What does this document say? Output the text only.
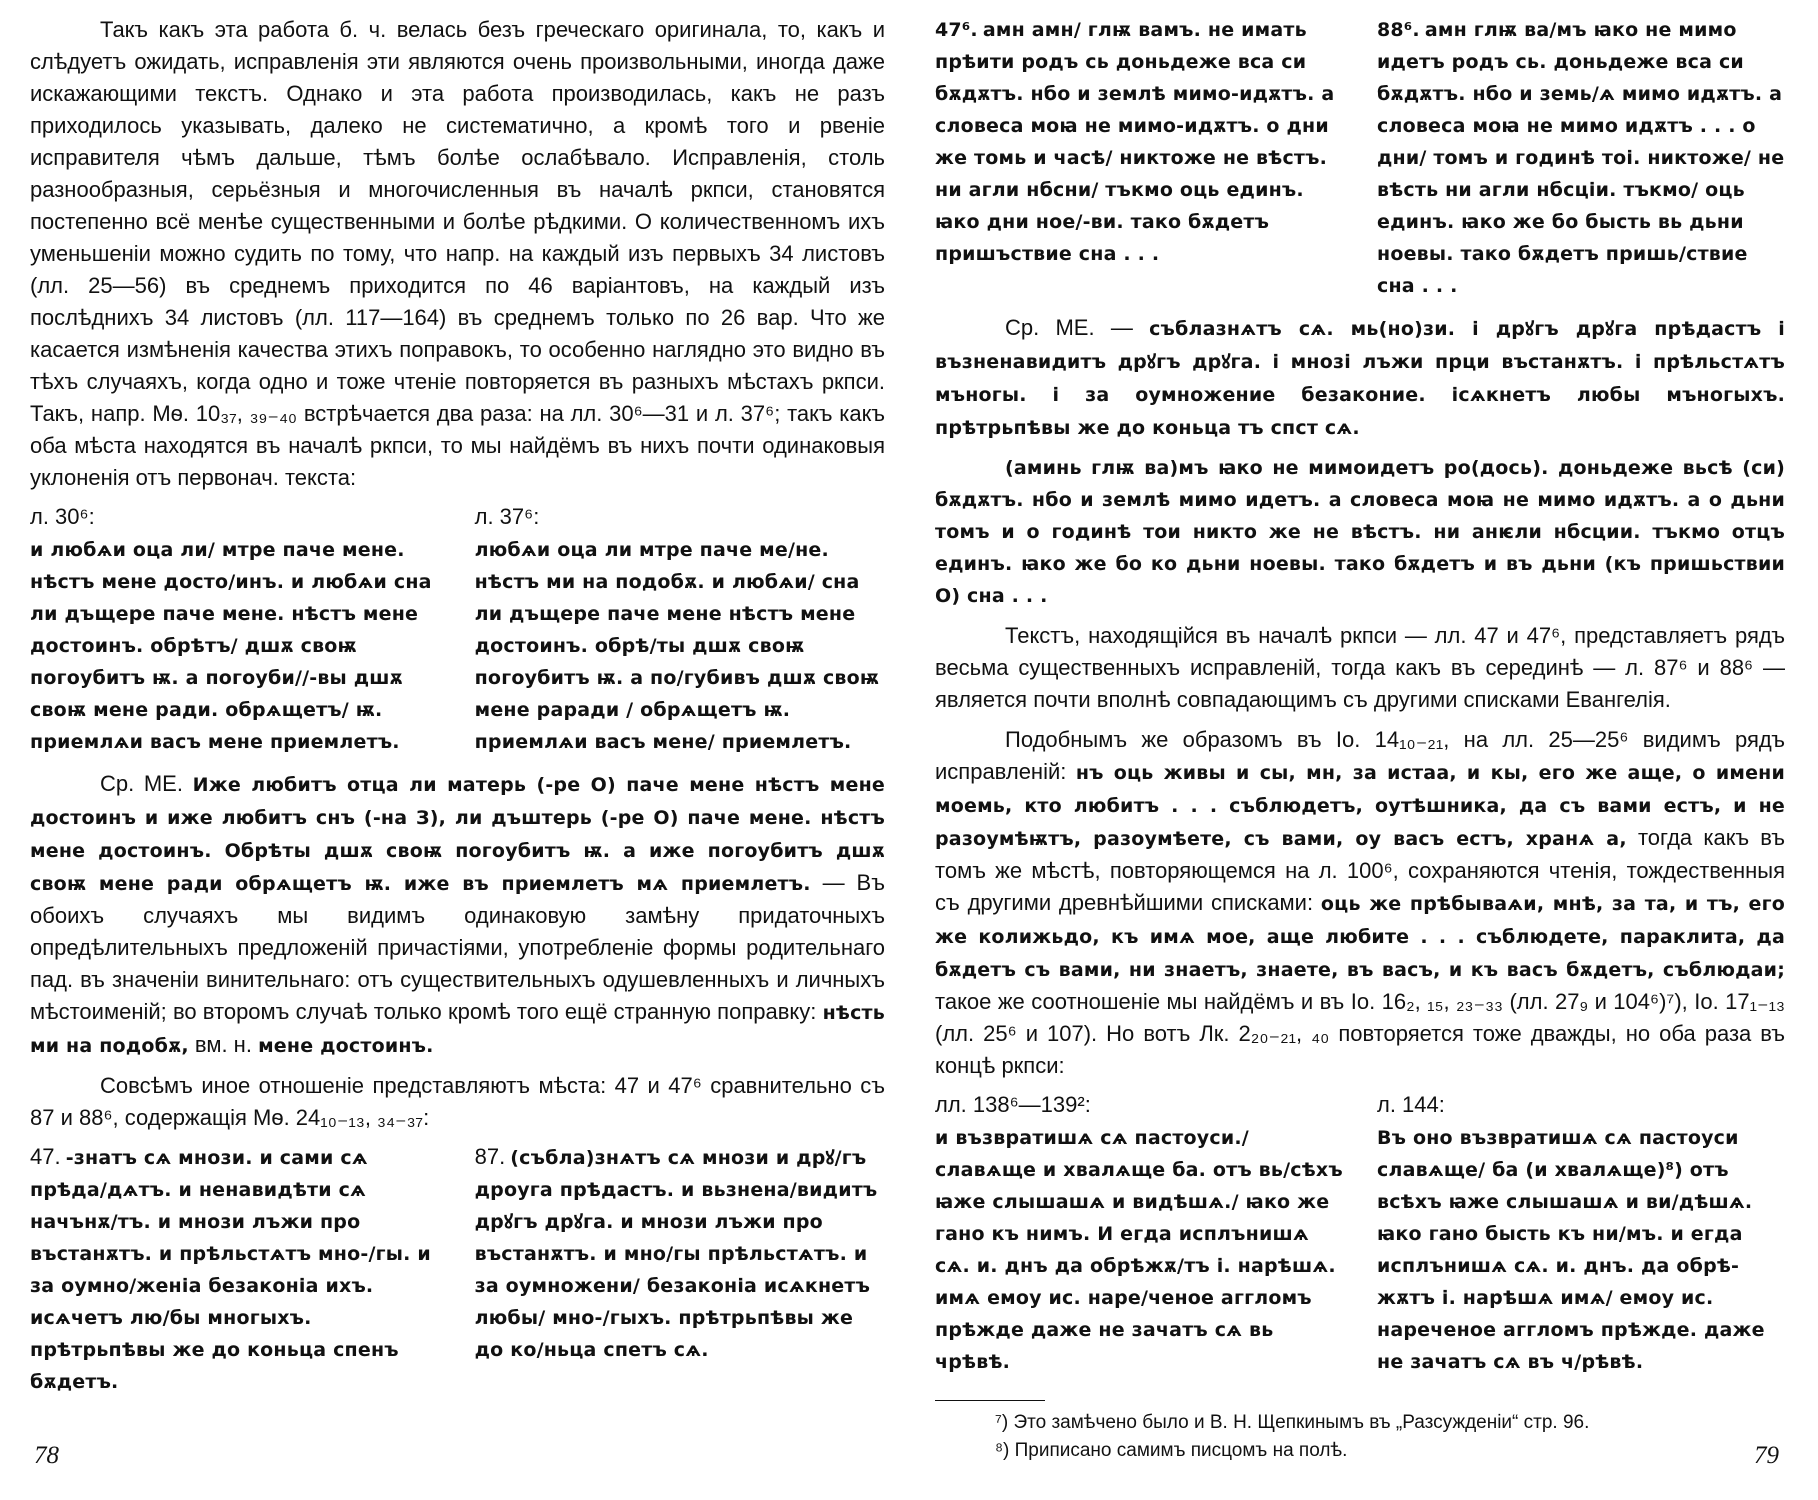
Такъ какъ эта работа б. ч. велась безъ греческаго оригинала, то, какъ и слѣдуетъ ожидать, исправленія эти являются очень произвольными, иногда даже искажающими текстъ. Однако и эта работа производилась, какъ не разъ приходилось указывать, далеко не систематично, а кромѣ того и рвеніе исправителя чѣмъ дальше, тѣмъ болѣе ослабѣвало. Исправленія, столь разнообразныя, серьёзныя и многочисленныя въ началѣ ркпси, становятся постепенно всё менѣе существенными и болѣе рѣдкими. О количественномъ ихъ уменьшеніи можно судить по тому, что напр. на каждый изъ первыхъ 34 листовъ (лл. 25—56) въ среднемъ приходится по 46 варіантовъ, на каждый изъ послѣднихъ 34 листовъ (лл. 117—164) въ среднемъ только по 26 вар. Что же касается измѣненія качества этихъ поправокъ, то особенно наглядно это видно въ тѣхъ случаяхъ, когда одно и тоже чтеніе повторяется въ разныхъ мѣстахъ ркпси. Такъ, напр. Мѳ. 10₃₇, ₃₉₋₄₀ встрѣчается два раза: на лл. 30⁶—31 и л. 37⁶; такъ какъ оба мѣста находятся въ началѣ ркпси, то мы найдёмъ въ нихъ почти одинаковыя уклоненія отъ первонач. текста:

л. 30⁶:
и любѧи оца ли/ мтре паче мене. нѣстъ мене досто/инъ. и любѧи сна ли дъщере паче мене. нѣстъ мене достоинъ. обрѣтъ/ дшѫ своѭ погоубитъ ѭ. а погоуби//-вы дшѫ своѭ мене ради. обрѧщетъ/ ѭ. приемлѧи васъ мене приемлетъ.
л. 37⁶:
любѧи оца ли мтре паче ме/не. нѣстъ ми на подобѫ. и любѧи/ сна ли дъщере паче мене нѣстъ мене достоинъ. обрѣ/ты дшѫ своѭ погоубитъ ѭ. а по/губивъ дшѫ своѭ мене раради / обрѧщетъ ѭ. приемлѧи васъ мене/ приемлетъ.

Ср. МЕ. Иже любитъ отца ли матерь (-ре О) паче мене нѣстъ мене достоинъ и иже любитъ снъ (-на З), ли дъштерь (-ре О) паче мене. нѣстъ мене достоинъ. Обрѣты дшѫ своѭ погоубитъ ѭ. а иже погоубитъ дшѫ своѭ мене ради обрѧщетъ ѭ. иже въ приемлетъ мѧ приемлетъ. — Въ обоихъ случаяхъ мы видимъ одинаковую замѣну придаточныхъ опредѣлительныхъ предложеній причастіями, употребленіе формы родительнаго пад. въ значеніи винительнаго: отъ существительныхъ одушевленныхъ и личныхъ мѣстоименій; во второмъ случаѣ только кромѣ того ещё странную поправку: нѣсть ми на подобѫ, вм. н. мене достоинъ.

Совсѣмъ иное отношеніе представляютъ мѣста: 47 и 47⁶ сравнительно съ 87 и 88⁶, содержащія Мѳ. 24₁₀₋₁₃, ₃₄₋₃₇:

47. -знатъ сѧ мнози. и сами сѧ прѣда/дѧтъ. и ненавидѣти сѧ начънѫ/тъ. и мнози лъжи про въстанѫтъ. и прѣльстѧтъ мно-/гы. и за оумно/женіа безаконіа ихъ. исѧчетъ лю/бы многыхъ. прѣтрьпѣвы же до коньца спенъ бѫдетъ.
87. (съблa)знѧтъ сѧ мнози и дрꙋ/гъ дроуга прѣдастъ. и вьзнена/видитъ дрꙋгъ дрꙋга. и мнози лъжи про въстанѫтъ. и мно/гы прѣльстѧтъ. и за оумножени/ безаконіа исѧкнетъ любы/ мно-/гыхъ. прѣтрьпѣвы же до ко/ньца спетъ сѧ.
78
47⁶. амн амн/ глѭ вамъ. не имать прѣити родъ сь доньдеже вса си бѫдѫтъ. нбо и землѣ мимо-идѫтъ. а словеса моꙗ не мимо-идѫтъ. о дни же томь и часѣ/ никтоже не вѣстъ. ни агли нбсни/ тъкмо оць единъ. ꙗко дни ное/-ви. тако бѫдетъ пришъствие сна . . .
88⁶. амн глѭ ва/мъ ꙗко не мимо идетъ родъ сь. доньдеже вса си бѫдѫтъ. нбо и земь/ѧ мимо идѫтъ. а словеса моꙗ не мимо идѫтъ . . . о дни/ томъ и годинѣ тоі. никтоже/ не вѣсть ни агли нбсціи. тъкмо/ оць единъ. ꙗко же бо бысть вь дьни ноевы. тако бѫдетъ пришь/ствие сна . . .

Ср. МЕ. — съблазнѧтъ сѧ. мь(но)зи. і дрꙋгъ дрꙋга прѣдастъ і възненавидитъ дрꙋгъ дрꙋга. і мнозі лъжи прци въстанѫтъ. і прѣльстѧтъ мъногы. і за оумножение безаконие. ісѧкнетъ любы мъногыхъ. прѣтрьпѣвы же до коньца тъ спст сѧ.

(аминь глѭ ва)мъ ꙗко не мимоидетъ ро(дось). доньдеже вьсѣ (си) бѫдѫтъ. нбо и землѣ мимо идетъ. а словеса моꙗ не мимо идѫтъ. а о дьни томъ и о годинѣ тои никто же не вѣстъ. ни анѥли нбсции. тъкмо отцъ единъ. ꙗко же бо ко дьни ноевы. тако бѫдетъ и въ дьни (къ пришьствии О) сна . . .

Текстъ, находящійся въ началѣ ркпси — лл. 47 и 47⁶, представляетъ рядъ весьма существенныхъ исправленій, тогда какъ въ серединѣ — л. 87⁶ и 88⁶ — является почти вполнѣ совпадающимъ съ другими списками Евангелія.

Подобнымъ же образомъ въ Іо. 14₁₀₋₂₁, на лл. 25—25⁶ видимъ рядъ исправленій: нъ оць живы и сы, мн, за истаа, и кы, его же аще, о имени моемь, кто любитъ . . . съблюдетъ, оутѣшника, да съ вами естъ, и не разоумѣѭтъ, разоумѣете, съ вами, оу васъ естъ, хранѧ а, тогда какъ въ томъ же мѣстѣ, повторяющемся на л. 100⁶, сохраняются чтенія, тождественныя съ другими древнѣйшими списками: оць же прѣбываѧи, мнѣ, за та, и тъ, его же колижьдо, къ имѧ мое, аще любите . . . съблюдете, параклита, да бѫдетъ съ вами, ни знаетъ, знаете, въ васъ, и къ васъ бѫдетъ, съблюдаи; такое же соотношеніе мы найдёмъ и въ Іо. 16₂, ₁₅, ₂₃₋₃₃ (лл. 27₉ и 104⁶)⁷), Іо. 17₁₋₁₃ (лл. 25⁶ и 107). Но вотъ Лк. 2₂₀₋₂₁, ₄₀ повторяется тоже дважды, но оба раза въ концѣ ркпси:

лл. 138⁶—139²:
и възвратишѧ сѧ пастоуси./ славѧще и хвалѧще ба. отъ вь/сѣхъ ꙗже слышашѧ и видѣшѧ./ ꙗко же гано къ нимъ. И егда исплънишѧ сѧ. и. днъ да обрѣжѫ/тъ і. нарѣшѧ. имѧ емоу ис. наре/ченое аггломъ прѣжде даже не зачатъ сѧ вь чрѣвѣ.
л. 144:
Въ оно възвратишѧ сѧ пастоуси славѧще/ ба (и хвалѧще)⁸) отъ всѣхъ ꙗже слышашѧ и ви/дѣшѧ. ꙗко гано бысть къ ни/мъ. и егда исплънишѧ сѧ. и. днъ. да обрѣ-жѫтъ і. нарѣшѧ имѧ/ емоу ис. нареченое аггломъ прѣжде. даже не зачатъ сѧ въ ч/рѣвѣ.

⁷) Это замѣчено было и В. Н. Щепкинымъ въ „Разсужденіи“ стр. 96.

⁸) Приписано самимъ писцомъ на полѣ.	79
